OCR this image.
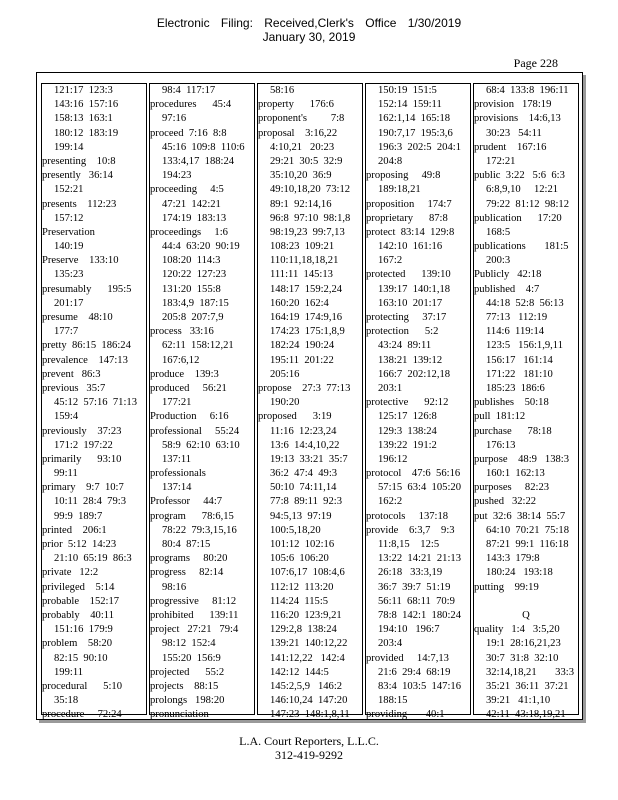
Electronic Filing: Received,Clerk's Office 1/30/2019
January 30, 2019
Page 228
121:17  123:3
143:16  157:16
158:13  163:1
180:12  183:19
199:14
presenting    10:8
presently   36:14
152:21
presents    112:23
157:12
Preservation
140:19
Preserve    133:10
135:23
presumably      195:5
201:17
presume    48:10
177:7
pretty  86:15  186:24
prevalence    147:13
prevent   86:3
previous   35:7
45:12  57:16  71:13
159:4
previously    37:23
171:2  197:22
primarily      93:10
99:11
primary    9:7  10:7
10:11  28:4  79:3
99:9  189:7
printed    206:1
prior  5:12  14:23
21:10  65:19  86:3
private   12:2
privileged    5:14
probable    152:17
probably    40:11
151:16  179:9
problem    58:20
82:15  90:10
199:11
procedural      5:10
35:18
procedure     72:24
98:4  117:17
procedures      45:4
97:16
proceed  7:16  8:8
45:16  109:8  110:6
133:4,17  188:24
194:23
proceeding     4:5
47:21  142:21
174:19  183:13
proceedings     1:6
44:4  63:20  90:19
108:20  114:3
120:22  127:23
131:20  155:8
183:4,9  187:15
205:8  207:7,9
process   33:16
62:11  158:12,21
167:6,12
produce    139:3
produced     56:21
177:21
Production     6:16
professional     55:24
58:9  62:10  63:10
137:11
professionals
137:14
Professor     44:7
program      78:6,15
78:22  79:3,15,16
80:4  87:15
programs     80:20
progress     82:14
98:16
progressive     81:12
prohibited      139:11
project   27:21   79:4
98:12  152:4
155:20  156:9
projected      55:2
projects    88:15
prolongs   198:20
pronunciation
58:16
property      176:6
proponent's         7:8
proposal    3:16,22
4:10,21   20:23
29:21  30:5  32:9
35:10,20  36:9
49:10,18,20  73:12
89:1  92:14,16
96:8  97:10  98:1,8
98:19,23  99:7,13
108:23  109:21
110:11,18,18,21
111:11  145:13
148:17  159:2,24
160:20  162:4
164:19  174:9,16
174:23  175:1,8,9
182:24  190:24
195:11  201:22
205:16
propose    27:3  77:13
190:20
proposed      3:19
11:16  12:23,24
13:6  14:4,10,22
19:13  33:21  35:7
36:2  47:4  49:3
50:10  74:11,14
77:8  89:11  92:3
94:5,13  97:19
100:5,18,20
101:12  102:16
105:6  106:20
107:6,17  108:4,6
112:12  113:20
114:24  115:5
116:20  123:9,21
129:2,8  138:24
139:21  140:12,22
141:12,22   142:4
142:12  144:5
145:2,5,9   146:2
146:10,24  147:20
147:23  148:1,8,11
150:19  151:5
152:14  159:11
162:1,14  165:18
190:7,17  195:3,6
196:3  202:5  204:1
204:8
proposing     49:8
189:18,21
proposition     174:7
proprietary      87:8
protect  83:14  129:8
142:10  161:16
167:2
protected      139:10
139:17  140:1,18
163:10  201:17
protecting     37:17
protection      5:2
43:24  89:11
138:21  139:12
166:7  202:12,18
203:1
protective      92:12
125:17  126:8
129:3  138:24
139:22  191:2
196:12
protocol    47:6  56:16
57:15  63:4  105:20
162:2
protocols     137:18
provide    6:3,7    9:3
11:8,15    12:5
13:22  14:21  21:13
26:18   33:3,19
36:7  39:7  51:19
56:11  68:11  70:9
78:8  142:1  180:24
194:10   196:7
203:4
provided     14:7,13
21:6  29:4  68:19
83:4  103:5  147:16
188:15
providing       40:1
68:4  133:8  196:11
provision   178:19
provisions    14:6,13
30:23   54:11
prudent    167:16
172:21
public  3:22   5:6  6:3
6:8,9,10     12:21
79:22  81:12  98:12
publication      17:20
168:5
publications       181:5
200:3
Publicly   42:18
published    4:7
44:18  52:8  56:13
77:13   112:19
114:6  119:14
123:5   156:1,9,11
156:17   161:14
171:22   181:10
185:23  186:6
publishes    50:18
pull  181:12
purchase      78:18
176:13
purpose    48:9   138:3
160:1  162:13
purposes     82:23
pushed   32:22
put  32:6  38:14  55:7
64:10  70:21  75:18
87:21  99:1  116:18
143:3  179:8
180:24   193:18
putting    99:19

Q
quality   1:4   3:5,20
19:1  28:16,21,23
30:7  31:8  32:10
32:14,18,21       33:3
35:21  36:11  37:21
39:21   41:1,10
42:11  43:18,19,21
L.A. Court Reporters, L.L.C.
312-419-9292
